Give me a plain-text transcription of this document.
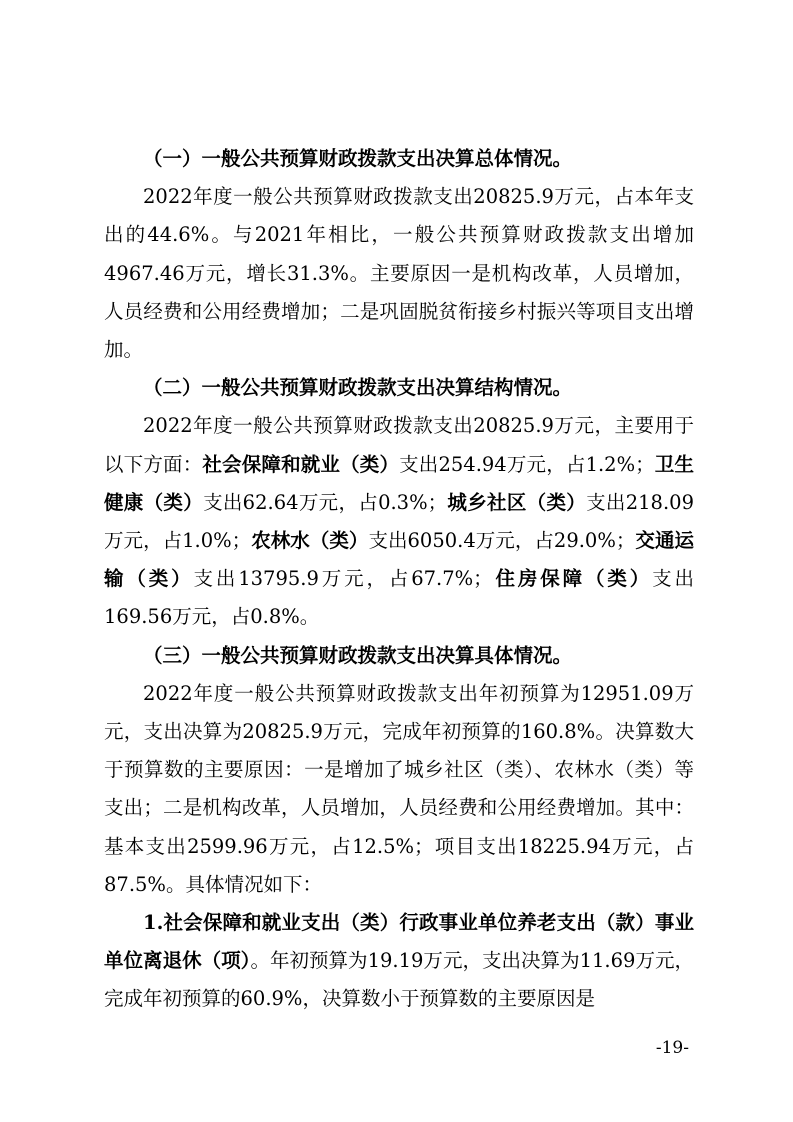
（一）一般公共预算财政拨款支出决算总体情况。

2022年度一般公共预算财政拨款支出20825.9万元，占本年支出的44.6%。与2021年相比，一般公共预算财政拨款支出增加4967.46万元，增长31.3%。主要原因一是机构改革，人员增加，人员经费和公用经费增加；二是巩固脱贫衔接乡村振兴等项目支出增加。

（二）一般公共预算财政拨款支出决算结构情况。

2022年度一般公共预算财政拨款支出20825.9万元，主要用于以下方面：社会保障和就业（类）支出254.94万元，占1.2%；卫生健康（类）支出62.64万元，占0.3%；城乡社区（类）支出218.09万元，占1.0%；农林水（类）支出6050.4万元，占29.0%；交通运输（类）支出13795.9万元，占67.7%；住房保障（类）支出169.56万元，占0.8%。

（三）一般公共预算财政拨款支出决算具体情况。

2022年度一般公共预算财政拨款支出年初预算为12951.09万元，支出决算为20825.9万元，完成年初预算的160.8%。决算数大于预算数的主要原因：一是增加了城乡社区（类）、农林水（类）等支出；二是机构改革，人员增加，人员经费和公用经费增加。其中：基本支出2599.96万元，占12.5%；项目支出18225.94万元，占87.5%。具体情况如下：

1.社会保障和就业支出（类）行政事业单位养老支出（款）事业单位离退休（项）。年初预算为19.19万元，支出决算为11.69万元，完成年初预算的60.9%，决算数小于预算数的主要原因是

-19-
